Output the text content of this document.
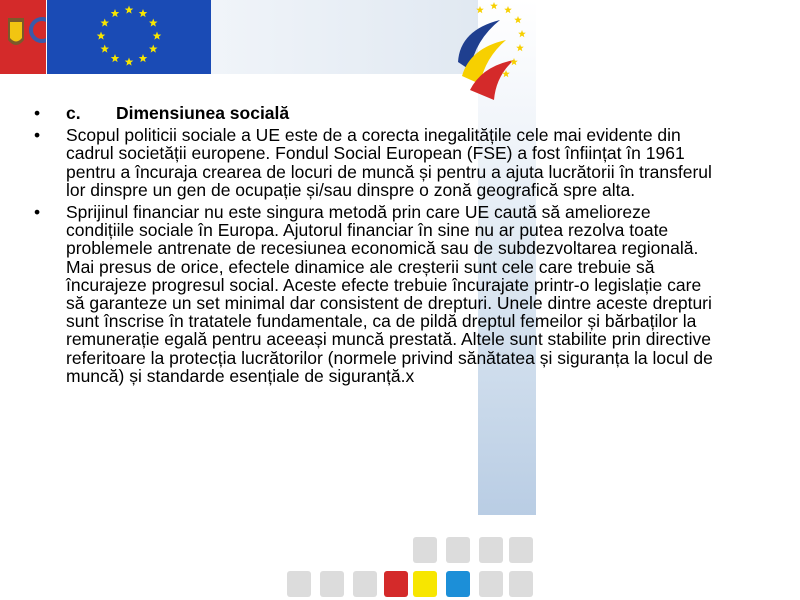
• c. Dimensiunea socială
• Scopul politicii sociale a UE este de a corecta inegalitățile cele mai evidente din cadrul societății europene. Fondul Social European (FSE) a fost înființat în 1961 pentru a încuraja crearea de locuri de muncă și pentru a ajuta lucrătorii în transferul lor dinspre un gen de ocupație și/sau dinspre o zonă geografică spre alta.
• Sprijinul financiar nu este singura metodă prin care UE caută să amelioreze condițiile sociale în Europa. Ajutorul financiar în sine nu ar putea rezolva toate problemele antrenate de recesiunea economică sau de subdezvoltarea regională. Mai presus de orice, efectele dinamice ale creșterii sunt cele care trebuie să încurajeze progresul social. Aceste efecte trebuie încurajate printr-o legislație care să garanteze un set minimal dar consistent de drepturi. Unele dintre aceste drepturi sunt înscrise în tratatele fundamentale, ca de pildă dreptul femeilor și bărbaților la remunerație egală pentru aceeași muncă prestată. Altele sunt stabilite prin directive referitoare la protecția lucrătorilor (normele privind sănătatea și siguranța la locul de muncă) și standarde esențiale de siguranță.x
